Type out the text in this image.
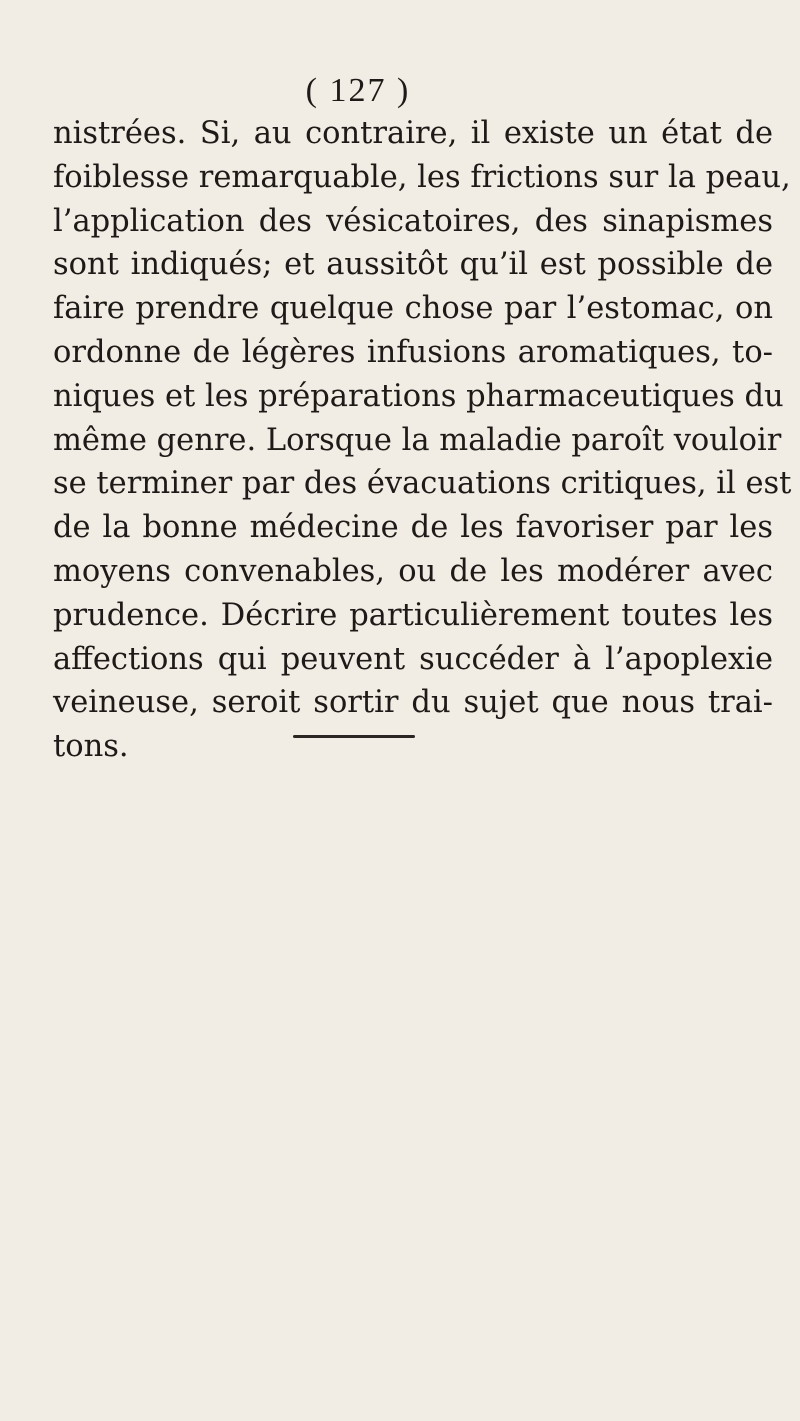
( 127 )
nistrées. Si, au contraire, il existe un état de
foiblesse remarquable, les frictions sur la peau,
l’application des vésicatoires, des sinapismes
sont indiqués; et aussitôt qu’il est possible de
faire prendre quelque chose par l’estomac, on
ordonne de légères infusions aromatiques, to-
niques et les préparations pharmaceutiques du
même genre. Lorsque la maladie paroît vouloir
se terminer par des évacuations critiques, il est
de la bonne médecine de les favoriser par les
moyens convenables, ou de les modérer avec
prudence. Décrire particulièrement toutes les
affections qui peuvent succéder à l’apoplexie
veineuse, seroit sortir du sujet que nous trai-
tons.
